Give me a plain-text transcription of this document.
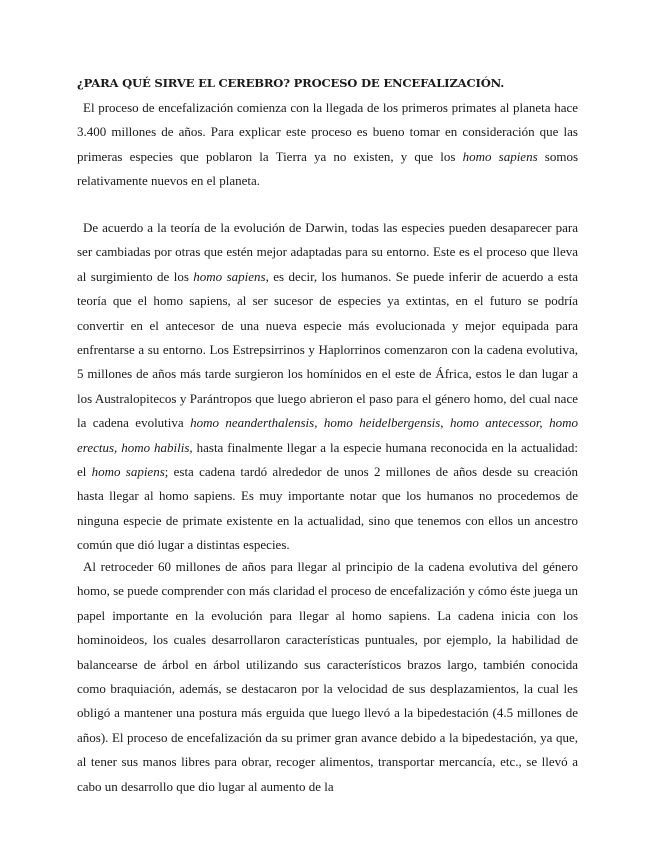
¿PARA QUÉ SIRVE EL CEREBRO? PROCESO DE ENCEFALIZACIÓN.

El proceso de encefalización comienza con la llegada de los primeros primates al planeta hace 3.400 millones de años. Para explicar este proceso es bueno tomar en consideración que las primeras especies que poblaron la Tierra ya no existen, y que los homo sapiens somos relativamente nuevos en el planeta.

De acuerdo a la teoría de la evolución de Darwin, todas las especies pueden desaparecer para ser cambiadas por otras que estén mejor adaptadas para su entorno. Este es el proceso que lleva al surgimiento de los homo sapiens, es decir, los humanos. Se puede inferir de acuerdo a esta teoría que el homo sapiens, al ser sucesor de especies ya extintas, en el futuro se podría convertir en el antecesor de una nueva especie más evolucionada y mejor equipada para enfrentarse a su entorno. Los Estrepsirrinos y Haplorrinos comenzaron con la cadena evolutiva, 5 millones de años más tarde surgieron los homínidos en el este de África, estos le dan lugar a los Australopitecos y Parántropos que luego abrieron el paso para el género homo, del cual nace la cadena evolutiva homo neanderthalensis, homo heidelbergensis, homo antecessor, homo erectus, homo habilis, hasta finalmente llegar a la especie humana reconocida en la actualidad: el homo sapiens; esta cadena tardó alrededor de unos 2 millones de años desde su creación hasta llegar al homo sapiens. Es muy importante notar que los humanos no procedemos de ninguna especie de primate existente en la actualidad, sino que tenemos con ellos un ancestro común que dió lugar a distintas especies.

Al retroceder 60 millones de años para llegar al principio de la cadena evolutiva del género homo, se puede comprender con más claridad el proceso de encefalización y cómo éste juega un papel importante en la evolución para llegar al homo sapiens. La cadena inicia con los hominoideos, los cuales desarrollaron características puntuales, por ejemplo, la habilidad de balancearse de árbol en árbol utilizando sus característicos brazos largo, también conocida como braquiación, además, se destacaron por la velocidad de sus desplazamientos, la cual les obligó a mantener una postura más erguida que luego llevó a la bipedestación (4.5 millones de años). El proceso de encefalización da su primer gran avance debido a la bipedestación, ya que, al tener sus manos libres para obrar, recoger alimentos, transportar mercancía, etc., se llevó a cabo un desarrollo que dio lugar al aumento de la
